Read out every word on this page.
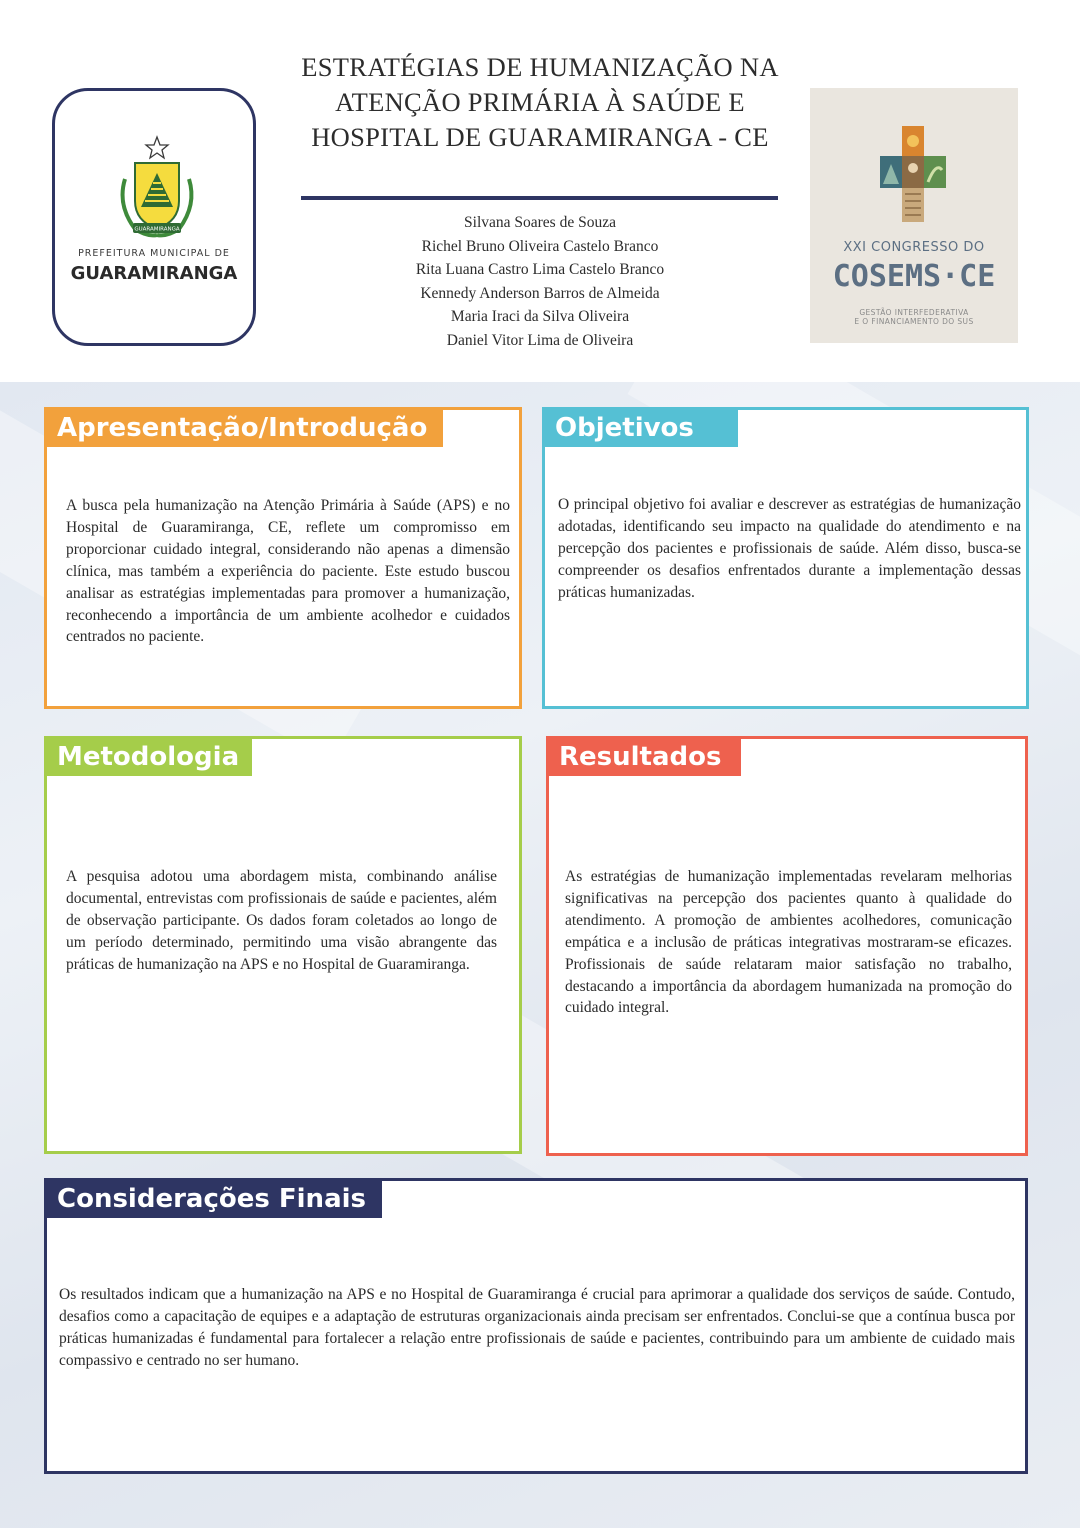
GUARAMIRANGA
PREFEITURA MUNICIPAL DE
GUARAMIRANGA
ESTRATÉGIAS DE HUMANIZAÇÃO NA
ATENÇÃO PRIMÁRIA À SAÚDE E
HOSPITAL DE GUARAMIRANGA - CE
Silvana Soares de Souza
Richel Bruno Oliveira Castelo Branco
Rita Luana Castro Lima Castelo Branco
Kennedy Anderson Barros de Almeida
Maria Iraci da Silva Oliveira
Daniel Vitor Lima de Oliveira
XXI CONGRESSO DO
COSEMS·CE
GESTÃO INTERFEDERATIVA
E O FINANCIAMENTO DO SUS
Apresentação/Introdução
A busca pela humanização na Atenção Primária à Saúde (APS) e no Hospital de Guaramiranga, CE, reflete um compromisso em proporcionar cuidado integral, considerando não apenas a dimensão clínica, mas também a experiência do paciente. Este estudo buscou analisar as estratégias implementadas para promover a humanização, reconhecendo a importância de um ambiente acolhedor e cuidados centrados no paciente.
Objetivos
O principal objetivo foi avaliar e descrever as estratégias de humanização adotadas, identificando seu impacto na qualidade do atendimento e na percepção dos pacientes e profissionais de saúde. Além disso, busca-se compreender os desafios enfrentados durante a implementação dessas práticas humanizadas.
Metodologia
A pesquisa adotou uma abordagem mista, combinando análise documental, entrevistas com profissionais de saúde e pacientes, além de observação participante. Os dados foram coletados ao longo de um período determinado, permitindo uma visão abrangente das práticas de humanização na APS e no Hospital de Guaramiranga.
Resultados
As estratégias de humanização implementadas revelaram melhorias significativas na percepção dos pacientes quanto à qualidade do atendimento. A promoção de ambientes acolhedores, comunicação empática e a inclusão de práticas integrativas mostraram-se eficazes. Profissionais de saúde relataram maior satisfação no trabalho, destacando a importância da abordagem humanizada na promoção do cuidado integral.
Considerações Finais
Os resultados indicam que a humanização na APS e no Hospital de Guaramiranga é crucial para aprimorar a qualidade dos serviços de saúde. Contudo, desafios como a capacitação de equipes e a adaptação de estruturas organizacionais ainda precisam ser enfrentados. Conclui-se que a contínua busca por práticas humanizadas é fundamental para fortalecer a relação entre profissionais de saúde e pacientes, contribuindo para um ambiente de cuidado mais compassivo e centrado no ser humano.
